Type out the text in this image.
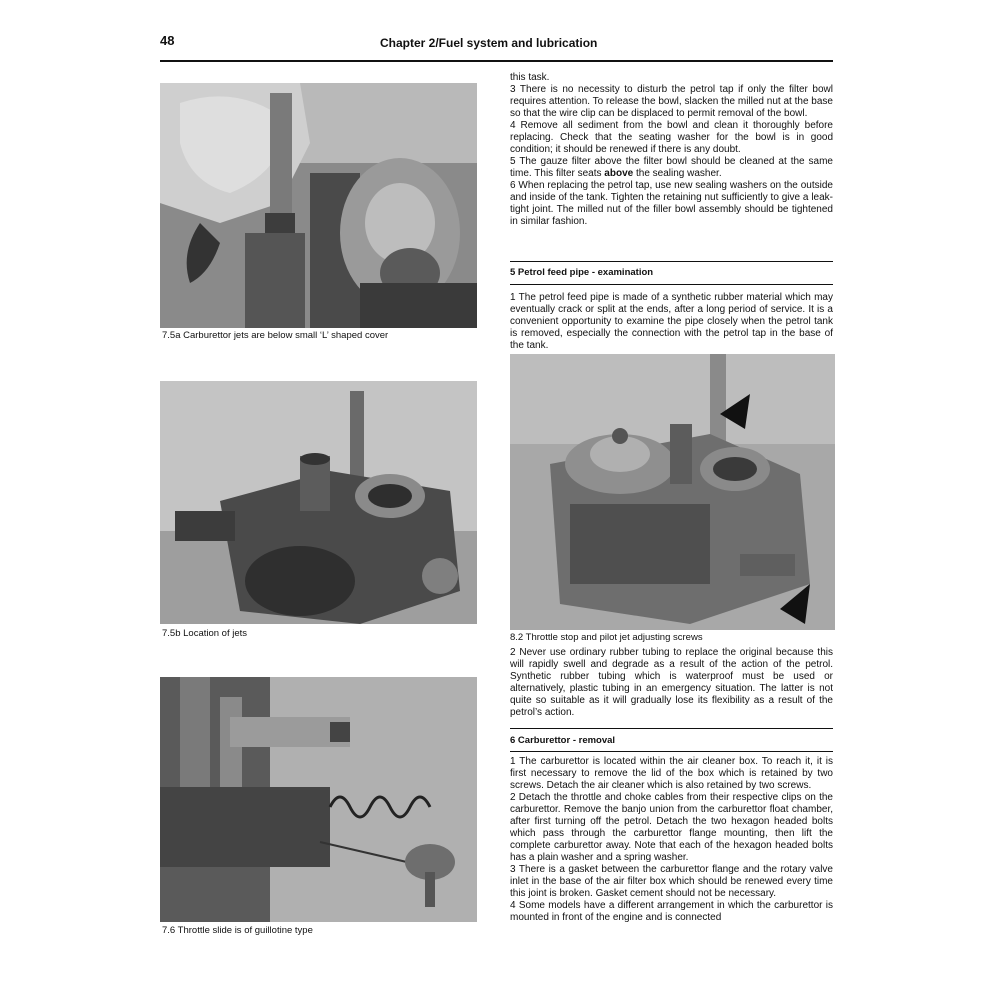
48	Chapter 2/Fuel system and lubrication
7.5a Carburettor jets are below small ‘L’ shaped cover
7.5b Location of jets
7.6 Throttle slide is of guillotine type

this task.

3 There is no necessity to disturb the petrol tap if only the filter bowl requires attention. To release the bowl, slacken the milled nut at the base so that the wire clip can be displaced to permit removal of the bowl.

4 Remove all sediment from the bowl and clean it thoroughly before replacing. Check that the seating washer for the bowl is in good condition; it should be renewed if there is any doubt.

5 The gauze filter above the filter bowl should be cleaned at the same time. This filter seats above the sealing washer.

6 When replacing the petrol tap, use new sealing washers on the outside and inside of the tank. Tighten the retaining nut sufficiently to give a leak-tight joint. The milled nut of the filler bowl assembly should be tightened in similar fashion.

5 Petrol feed pipe - examination

1 The petrol feed pipe is made of a synthetic rubber material which may eventually crack or split at the ends, after a long period of service. It is a convenient opportunity to examine the pipe closely when the petrol tank is removed, especially the connection with the petrol tap in the base of the tank.

8.2 Throttle stop and pilot jet adjusting screws

2 Never use ordinary rubber tubing to replace the original because this will rapidly swell and degrade as a result of the action of the petrol. Synthetic rubber tubing which is waterproof must be used or alternatively, plastic tubing in an emergency situation. The latter is not quite so suitable as it will gradually lose its flexibility as a result of the petrol’s action.

6 Carburettor - removal

1 The carburettor is located within the air cleaner box. To reach it, it is first necessary to remove the lid of the box which is retained by two screws. Detach the air cleaner which is also retained by two screws.

2 Detach the throttle and choke cables from their respective clips on the carburettor. Remove the banjo union from the carburettor float chamber, after first turning off the petrol. Detach the two hexagon headed bolts which pass through the carburettor flange mounting, then lift the complete carburettor away. Note that each of the hexagon headed bolts has a plain washer and a spring washer.

3 There is a gasket between the carburettor flange and the rotary valve inlet in the base of the air filter box which should be renewed every time this joint is broken. Gasket cement should not be necessary.

4 Some models have a different arrangement in which the carburettor is mounted in front of the engine and is connected
